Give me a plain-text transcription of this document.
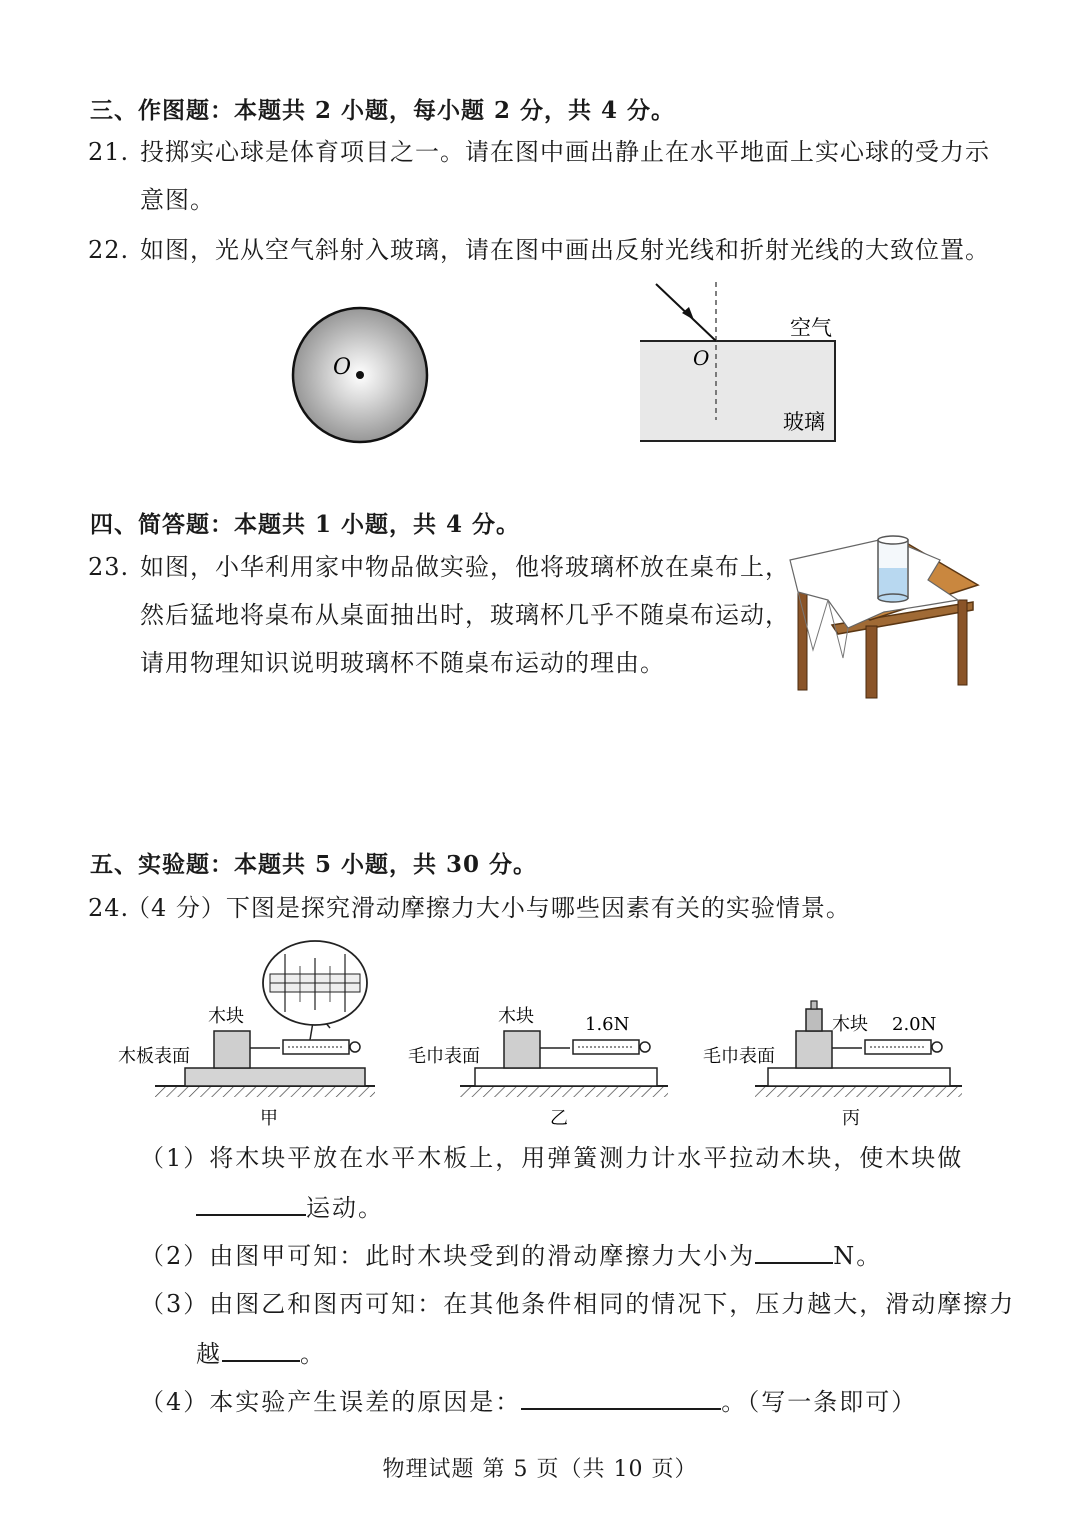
三、作图题：本题共 2 小题，每小题 2 分，共 4 分。
21. 投掷实心球是体育项目之一。请在图中画出静止在水平地面上实心球的受力示
意图。
22. 如图，光从空气斜射入玻璃，请在图中画出反射光线和折射光线的大致位置。
O	O
空气
玻璃
四、简答题：本题共 1 小题，共 4 分。
23. 如图，小华利用家中物品做实验，他将玻璃杯放在桌布上，
然后猛地将桌布从桌面抽出时，玻璃杯几乎不随桌布运动，
请用物理知识说明玻璃杯不随桌布运动的理由。
五、实验题：本题共 5 小题，共 30 分。
24.（4 分）下图是探究滑动摩擦力大小与哪些因素有关的实验情景。
木块
木板表面
甲
木块	1.6N
毛巾表面
乙
木块 2.0N
毛巾表面
丙
（1）将木块平放在水平木板上，用弹簧测力计水平拉动木块，使木块做
运动。
（2）由图甲可知：此时木块受到的滑动摩擦力大小为	N。
（3）由图乙和图丙可知：在其他条件相同的情况下，压力越大，滑动摩擦力
越	。
（4）本实验产生误差的原因是：	。（写一条即可）
物理试题 第 5 页（共 10 页）
